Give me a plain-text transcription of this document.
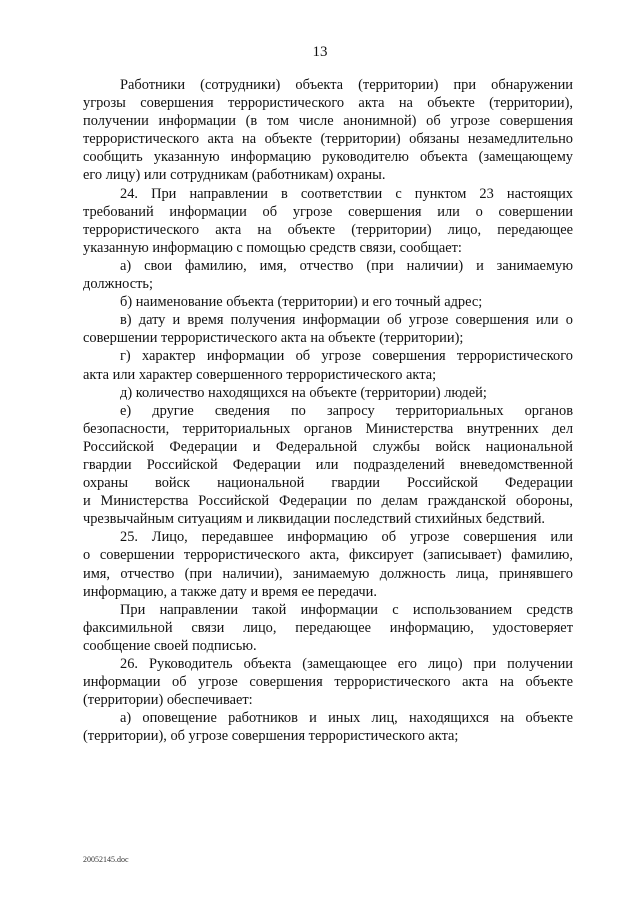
13
Работники (сотрудники) объекта (территории) при обнаружении
угрозы совершения террористического акта на объекте (территории),
получении информации (в том числе анонимной) об угрозе совершения
террористического акта на объекте (территории) обязаны незамедлительно
сообщить указанную информацию руководителю объекта (замещающему
его лицу) или сотрудникам (работникам) охраны.
24. При направлении в соответствии с пунктом 23 настоящих
требований информации об угрозе совершения или о совершении
террористического акта на объекте (территории) лицо, передающее
указанную информацию с помощью средств связи, сообщает:
а) свои фамилию, имя, отчество (при наличии) и занимаемую
должность;
б) наименование объекта (территории) и его точный адрес;
в) дату и время получения информации об угрозе совершения или о
совершении террористического акта на объекте (территории);
г) характер информации об угрозе совершения террористического
акта или характер совершенного террористического акта;
д) количество находящихся на объекте (территории) людей;
е) другие сведения по запросу территориальных органов
безопасности, территориальных органов Министерства внутренних дел
Российской Федерации и Федеральной службы войск национальной
гвардии Российской Федерации или подразделений вневедомственной
охраны войск национальной гвардии Российской Федерации
и Министерства Российской Федерации по делам гражданской обороны,
чрезвычайным ситуациям и ликвидации последствий стихийных бедствий.
25. Лицо, передавшее информацию об угрозе совершения или
о совершении террористического акта, фиксирует (записывает) фамилию,
имя, отчество (при наличии), занимаемую должность лица, принявшего
информацию, а также дату и время ее передачи.
При направлении такой информации с использованием средств
факсимильной связи лицо, передающее информацию, удостоверяет
сообщение своей подписью.
26. Руководитель объекта (замещающее его лицо) при получении
информации об угрозе совершения террористического акта на объекте
(территории) обеспечивает:
а) оповещение работников и иных лиц, находящихся на объекте
(территории), об угрозе совершения террористического акта;
20052145.doc
